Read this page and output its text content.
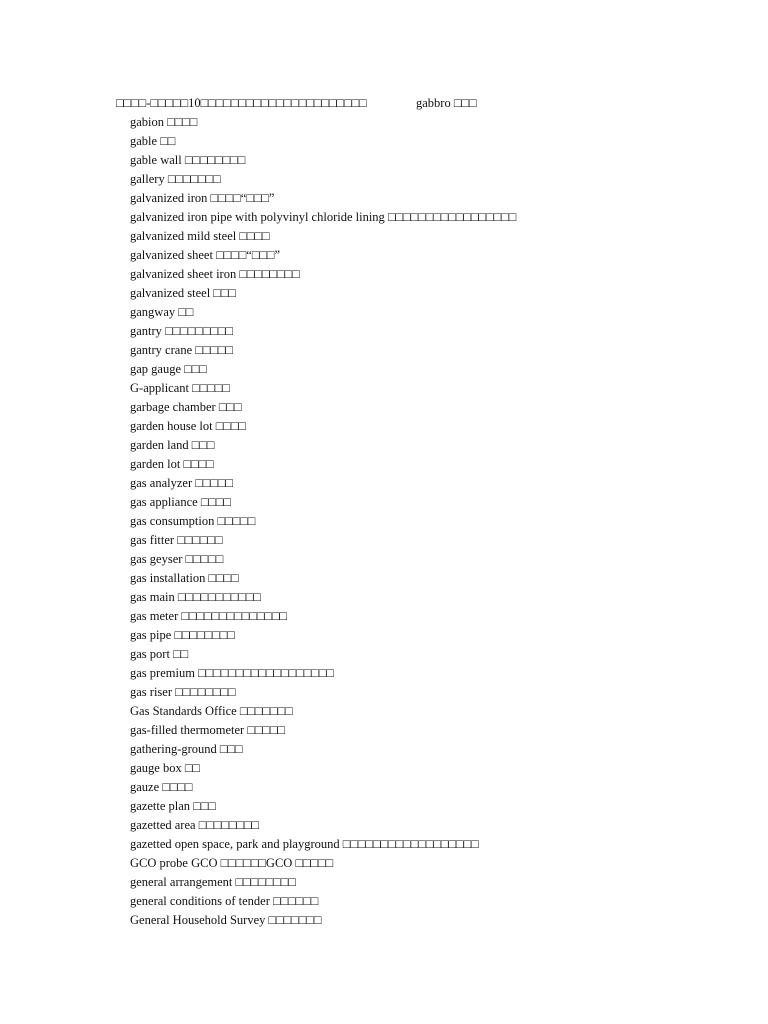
□□□□-□□□□□10□□□□□□□□□□□□□□□□□□□□□□	gabbro □□□
gabion □□□□
gable □□
gable wall □□□□□□□□
gallery □□□□□□□
galvanized iron □□□□“□□□”
galvanized iron pipe with polyvinyl chloride lining □□□□□□□□□□□□□□□□□
galvanized mild steel □□□□
galvanized sheet □□□□“□□□”
galvanized sheet iron □□□□□□□□
galvanized steel □□□
gangway □□
gantry □□□□□□□□□
gantry crane □□□□□
gap gauge □□□
G-applicant □□□□□
garbage chamber □□□
garden house lot □□□□
garden land □□□
garden lot □□□□
gas analyzer □□□□□
gas appliance □□□□
gas consumption □□□□□
gas fitter □□□□□□
gas geyser □□□□□
gas installation □□□□
gas main □□□□□□□□□□□
gas meter □□□□□□□□□□□□□□
gas pipe □□□□□□□□
gas port □□
gas premium □□□□□□□□□□□□□□□□□□
gas riser □□□□□□□□
Gas Standards Office □□□□□□□
gas-filled thermometer □□□□□
gathering-ground □□□
gauge box □□
gauze □□□□
gazette plan □□□
gazetted area □□□□□□□□
gazetted open space, park and playground □□□□□□□□□□□□□□□□□□
GCO probe GCO □□□□□□GCO □□□□□
general arrangement □□□□□□□□
general conditions of tender □□□□□□
General Household Survey □□□□□□□
